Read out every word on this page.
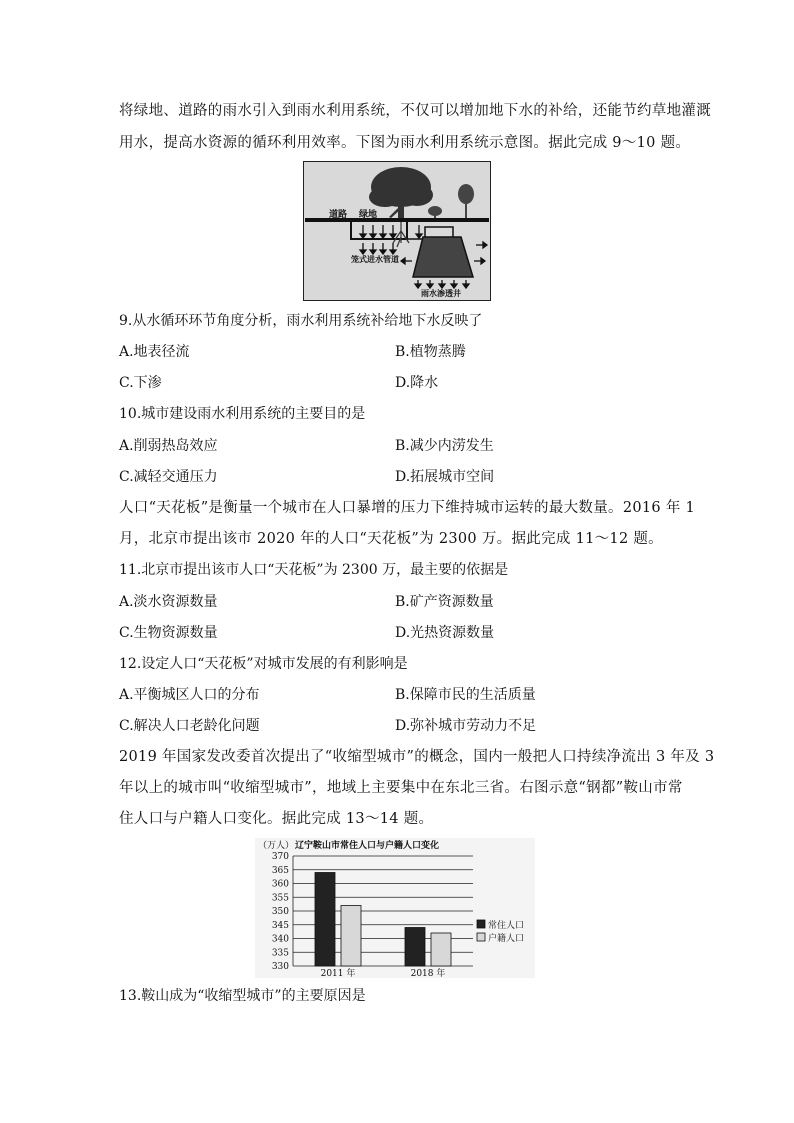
将绿地、道路的雨水引入到雨水利用系统，不仅可以增加地下水的补给，还能节约草地灌溉
用水，提高水资源的循环利用效率。下图为雨水利用系统示意图。据此完成 9～10 题。
道路 绿地
笼式进水管道
雨水渗透井
9.从水循环环节角度分析，雨水利用系统补给地下水反映了
A.地表径流	B.植物蒸腾
C.下渗	D.降水
10.城市建设雨水利用系统的主要目的是
A.削弱热岛效应	B.减少内涝发生
C.减轻交通压力	D.拓展城市空间
人口“天花板”是衡量一个城市在人口暴增的压力下维持城市运转的最大数量。2016 年 1
月，北京市提出该市 2020 年的人口“天花板”为 2300 万。据此完成 11～12 题。
11.北京市提出该市人口“天花板”为 2300 万，最主要的依据是
A.淡水资源数量	B.矿产资源数量
C.生物资源数量	D.光热资源数量
12.设定人口“天花板”对城市发展的有利影响是
A.平衡城区人口的分布	B.保障市民的生活质量
C.解决人口老龄化问题	D.弥补城市劳动力不足
2019 年国家发改委首次提出了“收缩型城市”的概念，国内一般把人口持续净流出 3 年及 3
年以上的城市叫“收缩型城市”，地域上主要集中在东北三省。右图示意“钢都”鞍山市常
住人口与户籍人口变化。据此完成 13～14 题。
（万人） 辽宁鞍山市常住人口与户籍人口变化
330
335
340
345
350
355
360
365
370
2011 年	2018 年
常住人口
户籍人口
13.鞍山成为“收缩型城市”的主要原因是
